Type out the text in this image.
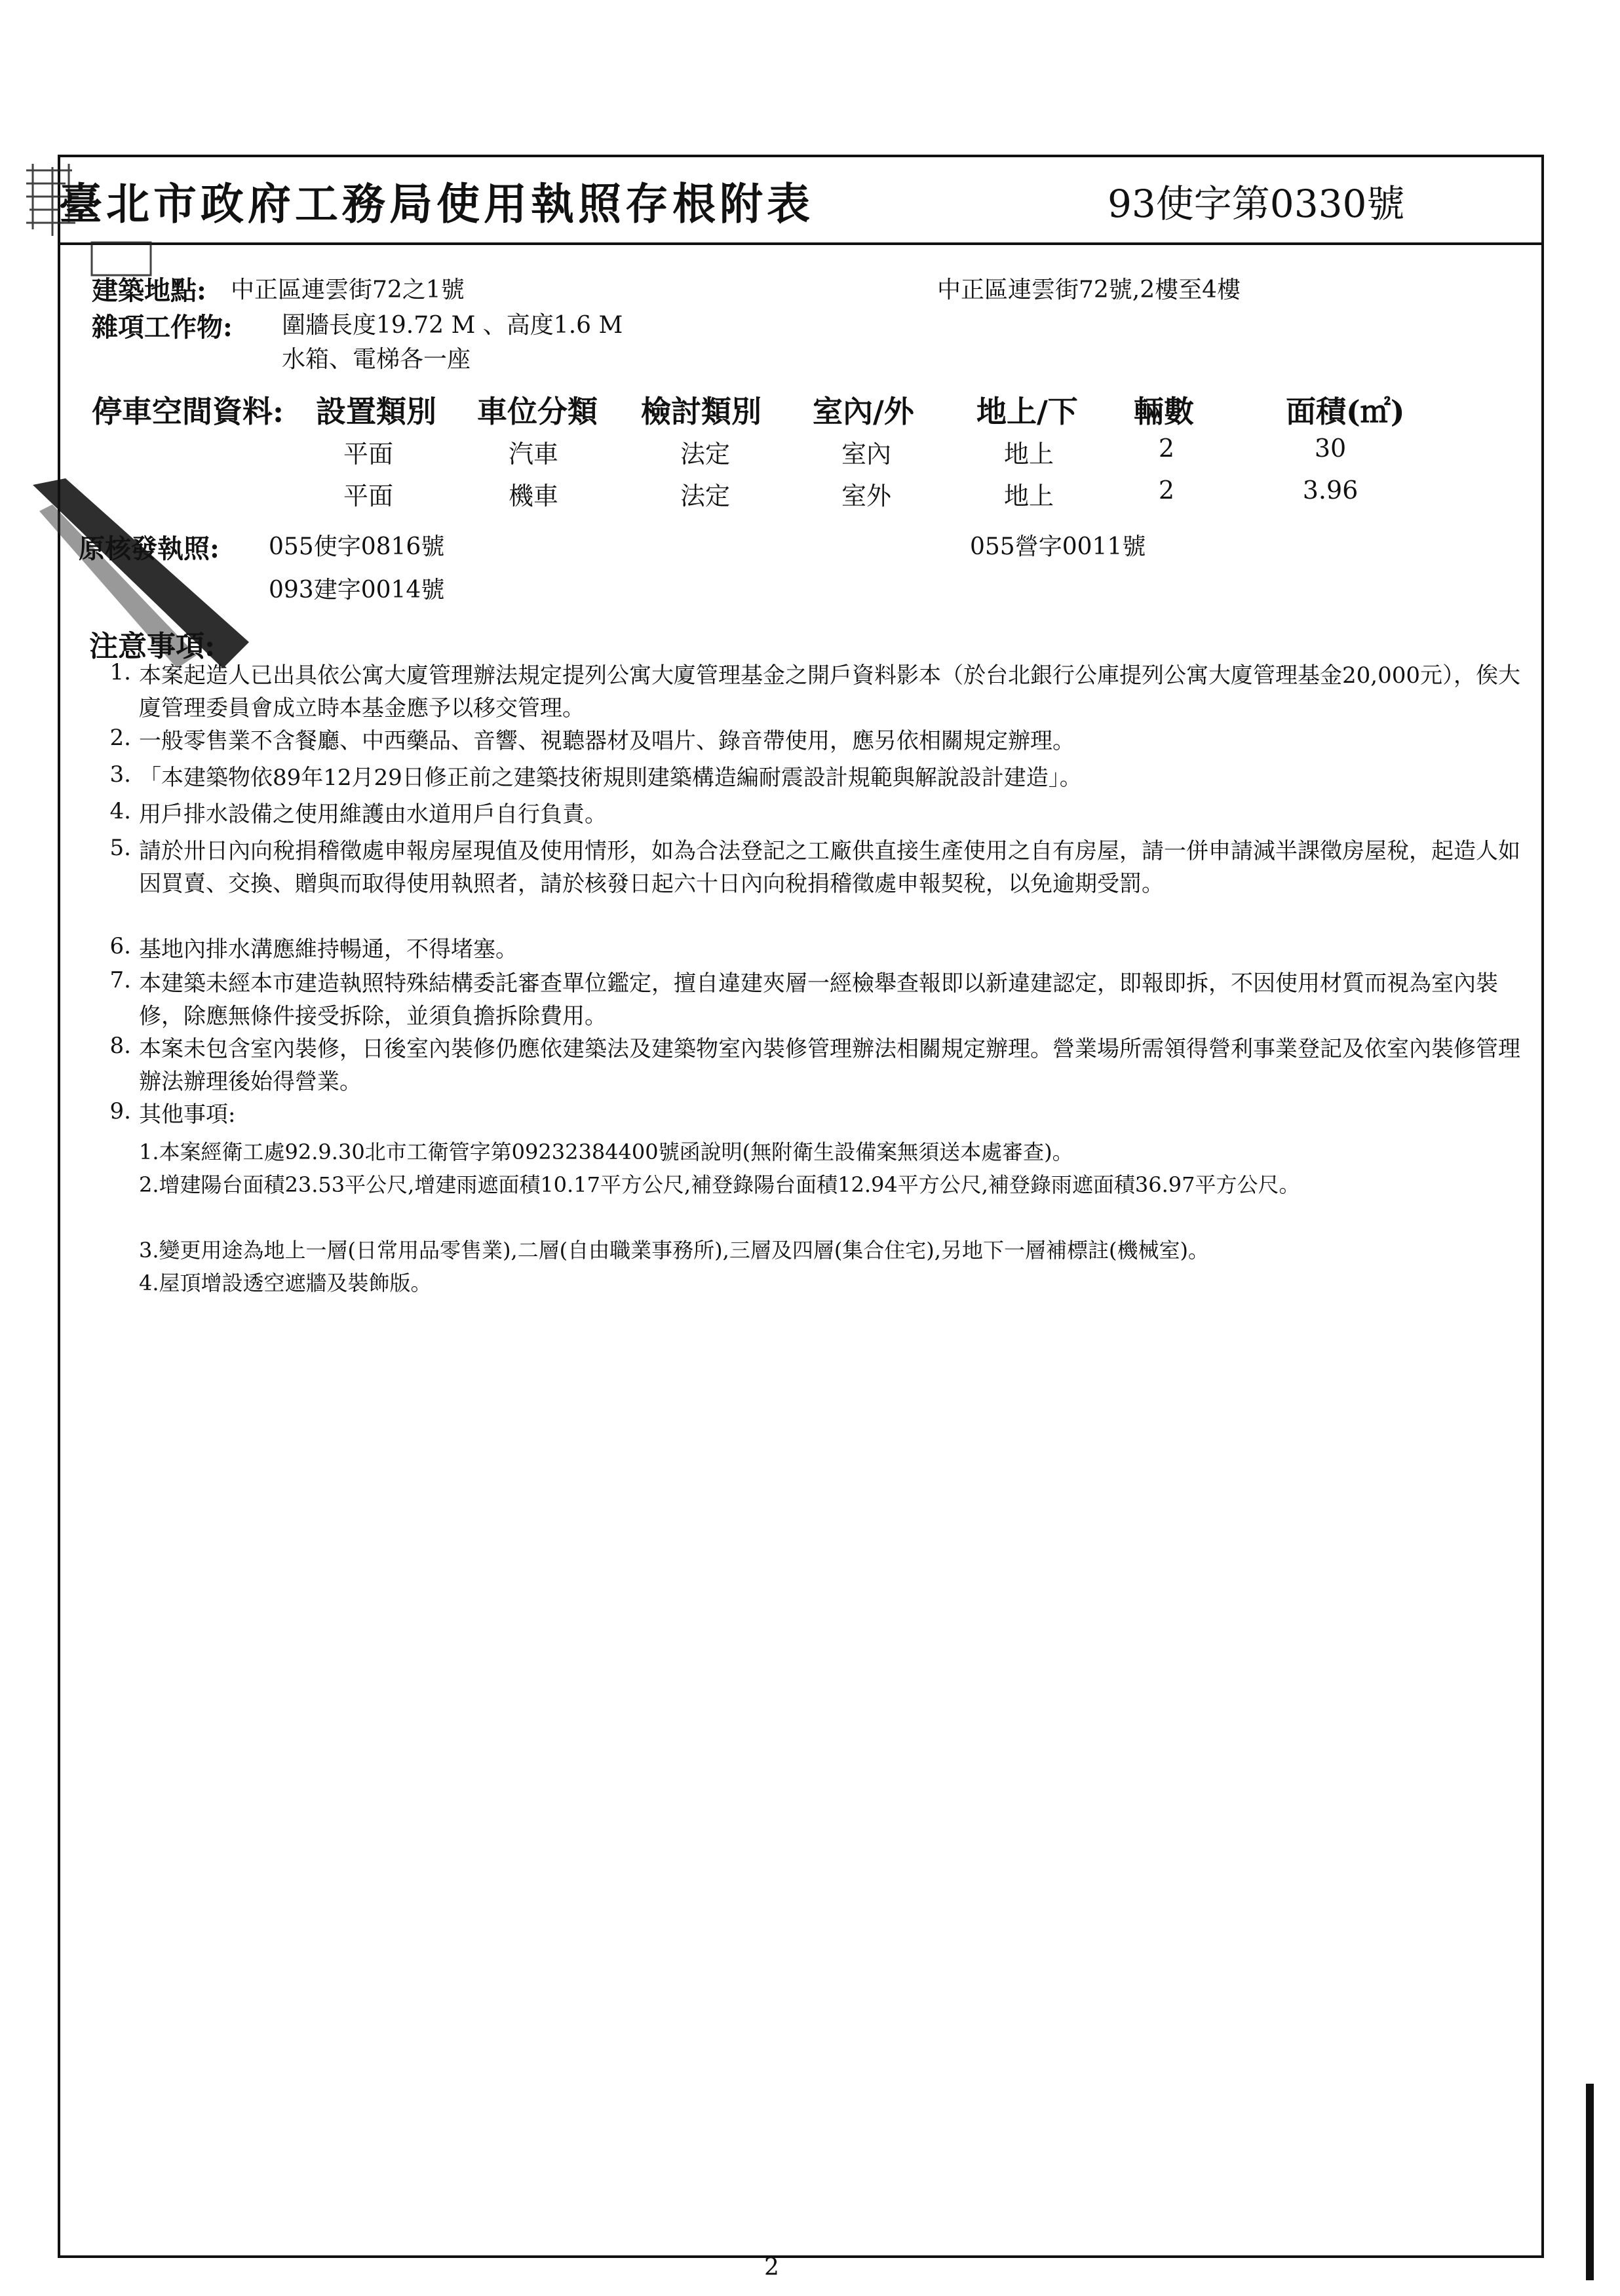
臺北市政府工務局使用執照存根附表	93使字第0330號
建築地點: 中正區連雲街72之1號	中正區連雲街72號,2樓至4樓
雜項工作物: 圍牆長度19.72 M 、高度1.6 M
水箱、電梯各一座
停車空間資料: 設置類別 車位分類 檢討類別 室內/外 地上/下 輛數	面積(㎡)
平面	汽車	法定	室內	地上	2	30
平面	機車	法定	室外	地上	2	3.96
原核發執照: 055使字0816號	055營字0011號
093建字0014號
注意事項:
1. 本案起造人已出具依公寓大廈管理辦法規定提列公寓大廈管理基金之開戶資料影本（於台北銀行公庫提列公寓大廈管理基金20,000元），俟大廈管理委員會成立時本基金應予以移交管理。
2. 一般零售業不含餐廳、中西藥品、音響、視聽器材及唱片、錄音帶使用，應另依相關規定辦理。
3. 「本建築物依89年12月29日修正前之建築技術規則建築構造編耐震設計規範與解說設計建造」。
4. 用戶排水設備之使用維護由水道用戶自行負責。
5. 請於卅日內向稅捐稽徵處申報房屋現值及使用情形，如為合法登記之工廠供直接生產使用之自有房屋，請一併申請減半課徵房屋稅，起造人如因買賣、交換、贈與而取得使用執照者，請於核發日起六十日內向稅捐稽徵處申報契稅，以免逾期受罰。
6. 基地內排水溝應維持暢通，不得堵塞。
7. 本建築未經本市建造執照特殊結構委託審查單位鑑定，擅自違建夾層一經檢舉查報即以新違建認定，即報即拆，不因使用材質而視為室內裝修，除應無條件接受拆除，並須負擔拆除費用。
8. 本案未包含室內裝修，日後室內裝修仍應依建築法及建築物室內裝修管理辦法相關規定辦理。營業場所需領得營利事業登記及依室內裝修管理辦法辦理後始得營業。
9. 其他事項:
1.本案經衛工處92.9.30北市工衛管字第09232384400號函說明(無附衛生設備案無須送本處審查)。
2.增建陽台面積23.53平公尺,增建雨遮面積10.17平方公尺,補登錄陽台面積12.94平方公尺,補登錄雨遮面積36.97平方公尺。
3.變更用途為地上一層(日常用品零售業),二層(自由職業事務所),三層及四層(集合住宅),另地下一層補標註(機械室)。
4.屋頂增設透空遮牆及裝飾版。
2
